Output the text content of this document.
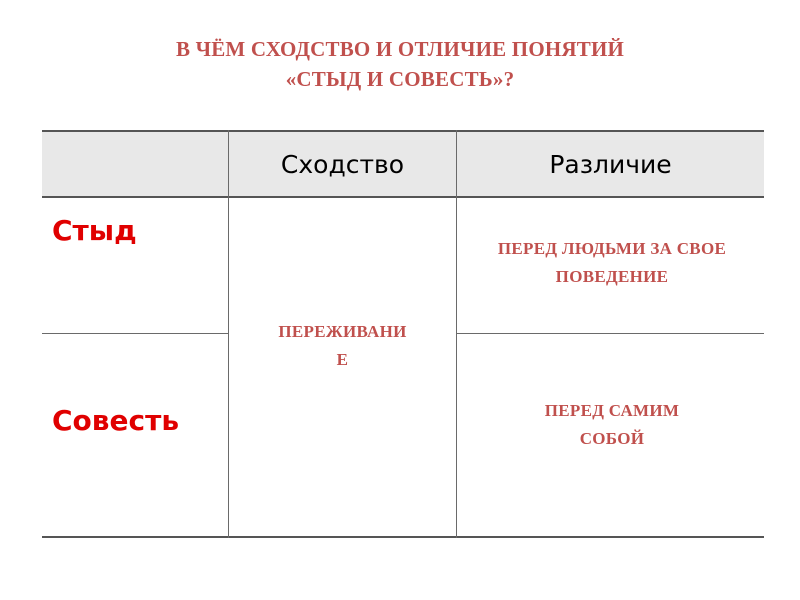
В ЧЁМ СХОДСТВО И ОТЛИЧИЕ ПОНЯТИЙ
«СТЫД И СОВЕСТЬ»?
Сходство	Различие
Стыд
Совесть
ПЕРЕЖИВАНИ
Е
ПЕРЕД ЛЮДЬМИ ЗА СВОЕ ПОВЕДЕНИЕ
ПЕРЕД САМИМ СОБОЙ
